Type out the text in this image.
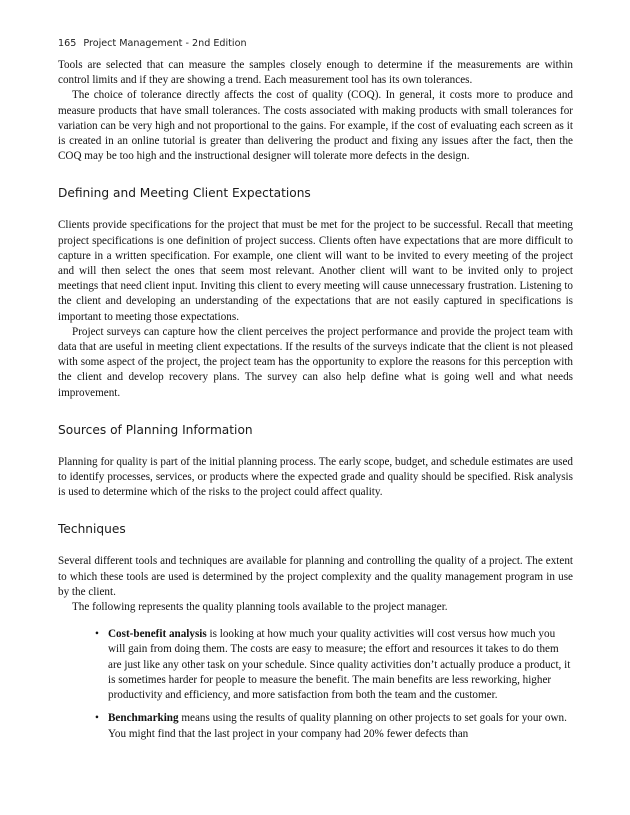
165 Project Management - 2nd Edition

Tools are selected that can measure the samples closely enough to determine if the measurements are within control limits and if they are showing a trend. Each measurement tool has its own tolerances.

The choice of tolerance directly affects the cost of quality (COQ). In general, it costs more to produce and measure products that have small tolerances. The costs associated with making products with small tolerances for variation can be very high and not proportional to the gains. For example, if the cost of evaluating each screen as it is created in an online tutorial is greater than delivering the product and fixing any issues after the fact, then the COQ may be too high and the instructional designer will tolerate more defects in the design.

Defining and Meeting Client Expectations

Clients provide specifications for the project that must be met for the project to be successful. Recall that meeting project specifications is one definition of project success. Clients often have expectations that are more difficult to capture in a written specification. For example, one client will want to be invited to every meeting of the project and will then select the ones that seem most relevant. Another client will want to be invited only to project meetings that need client input. Inviting this client to every meeting will cause unnecessary frustration. Listening to the client and developing an understanding of the expectations that are not easily captured in specifications is important to meeting those expectations.

Project surveys can capture how the client perceives the project performance and provide the project team with data that are useful in meeting client expectations. If the results of the surveys indicate that the client is not pleased with some aspect of the project, the project team has the opportunity to explore the reasons for this perception with the client and develop recovery plans. The survey can also help define what is going well and what needs improvement.

Sources of Planning Information

Planning for quality is part of the initial planning process. The early scope, budget, and schedule estimates are used to identify processes, services, or products where the expected grade and quality should be specified. Risk analysis is used to determine which of the risks to the project could affect quality.

Techniques

Several different tools and techniques are available for planning and controlling the quality of a project. The extent to which these tools are used is determined by the project complexity and the quality management program in use by the client.

The following represents the quality planning tools available to the project manager.

• Cost-benefit analysis is looking at how much your quality activities will cost versus how much you will gain from doing them. The costs are easy to measure; the effort and resources it takes to do them are just like any other task on your schedule. Since quality activities don’t actually produce a product, it is sometimes harder for people to measure the benefit. The main benefits are less reworking, higher productivity and efficiency, and more satisfaction from both the team and the customer.
• Benchmarking means using the results of quality planning on other projects to set goals for your own. You might find that the last project in your company had 20% fewer defects than
